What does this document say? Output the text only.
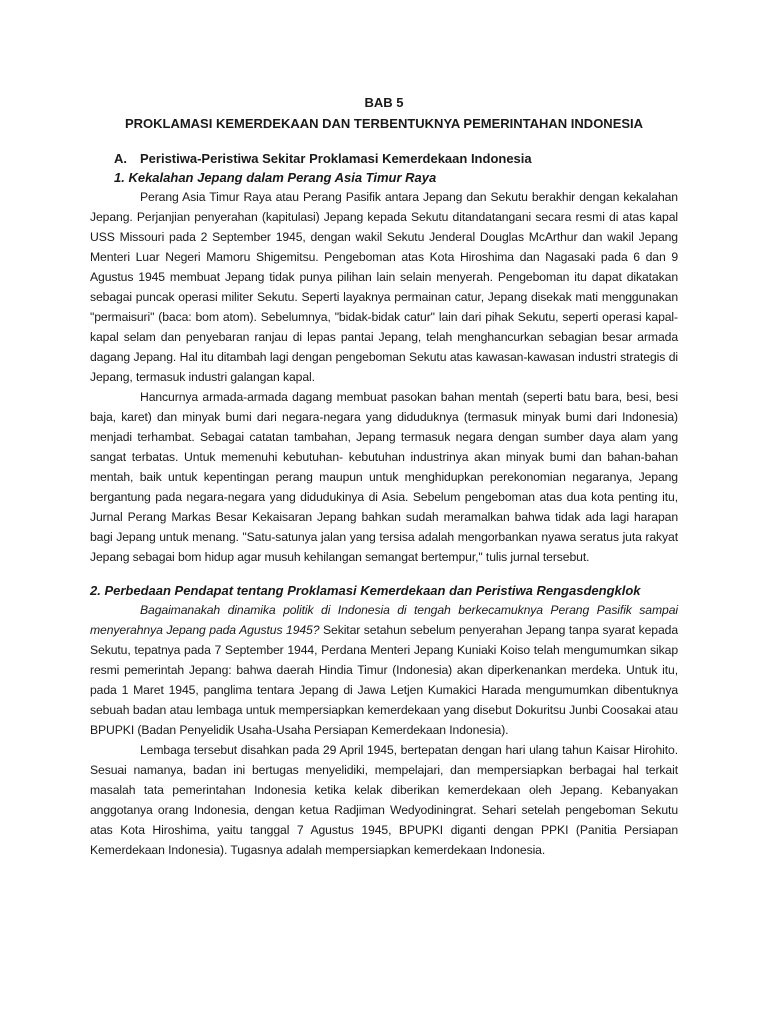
BAB 5
PROKLAMASI KEMERDEKAAN DAN TERBENTUKNYA PEMERINTAHAN INDONESIA
A. Peristiwa-Peristiwa Sekitar Proklamasi Kemerdekaan Indonesia
1. Kekalahan Jepang dalam Perang Asia Timur Raya

Perang Asia Timur Raya atau Perang Pasifik antara Jepang dan Sekutu berakhir dengan kekalahan Jepang. Perjanjian penyerahan (kapitulasi) Jepang kepada Sekutu ditandatangani secara resmi di atas kapal USS Missouri pada 2 September 1945, dengan wakil Sekutu Jenderal Douglas McArthur dan wakil Jepang Menteri Luar Negeri Mamoru Shigemitsu. Pengeboman atas Kota Hiroshima dan Nagasaki pada 6 dan 9 Agustus 1945 membuat Jepang tidak punya pilihan lain selain menyerah. Pengeboman itu dapat dikatakan sebagai puncak operasi militer Sekutu. Seperti layaknya permainan catur, Jepang disekak mati menggunakan "permaisuri" (baca: bom atom). Sebelumnya, "bidak-bidak catur" lain dari pihak Sekutu, seperti operasi kapal-kapal selam dan penyebaran ranjau di lepas pantai Jepang, telah menghancurkan sebagian besar armada dagang Jepang. Hal itu ditambah lagi dengan pengeboman Sekutu atas kawasan-kawasan industri strategis di Jepang, termasuk industri galangan kapal.

Hancurnya armada-armada dagang membuat pasokan bahan mentah (seperti batu bara, besi, besi baja, karet) dan minyak bumi dari negara-negara yang diduduknya (termasuk minyak bumi dari Indonesia) menjadi terhambat. Sebagai catatan tambahan, Jepang termasuk negara dengan sumber daya alam yang sangat terbatas. Untuk memenuhi kebutuhan- kebutuhan industrinya akan minyak bumi dan bahan-bahan mentah, baik untuk kepentingan perang maupun untuk menghidupkan perekonomian negaranya, Jepang bergantung pada negara-negara yang didudukinya di Asia. Sebelum pengeboman atas dua kota penting itu, Jurnal Perang Markas Besar Kekaisaran Jepang bahkan sudah meramalkan bahwa tidak ada lagi harapan bagi Jepang untuk menang. "Satu-satunya jalan yang tersisa adalah mengorbankan nyawa seratus juta rakyat Jepang sebagai bom hidup agar musuh kehilangan semangat bertempur," tulis jurnal tersebut.

2. Perbedaan Pendapat tentang Proklamasi Kemerdekaan dan Peristiwa Rengasdengklok

Bagaimanakah dinamika politik di Indonesia di tengah berkecamuknya Perang Pasifik sampai menyerahnya Jepang pada Agustus 1945? Sekitar setahun sebelum penyerahan Jepang tanpa syarat kepada Sekutu, tepatnya pada 7 September 1944, Perdana Menteri Jepang Kuniaki Koiso telah mengumumkan sikap resmi pemerintah Jepang: bahwa daerah Hindia Timur (Indonesia) akan diperkenankan merdeka. Untuk itu, pada 1 Maret 1945, panglima tentara Jepang di Jawa Letjen Kumakici Harada mengumumkan dibentuknya sebuah badan atau lembaga untuk mempersiapkan kemerdekaan yang disebut Dokuritsu Junbi Coosakai atau BPUPKI (Badan Penyelidik Usaha-Usaha Persiapan Kemerdekaan Indonesia).

Lembaga tersebut disahkan pada 29 April 1945, bertepatan dengan hari ulang tahun Kaisar Hirohito. Sesuai namanya, badan ini bertugas menyelidiki, mempelajari, dan mempersiapkan berbagai hal terkait masalah tata pemerintahan Indonesia ketika kelak diberikan kemerdekaan oleh Jepang. Kebanyakan anggotanya orang Indonesia, dengan ketua Radjiman Wedyodiningrat. Sehari setelah pengeboman Sekutu atas Kota Hiroshima, yaitu tanggal 7 Agustus 1945, BPUPKI diganti dengan PPKI (Panitia Persiapan Kemerdekaan Indonesia). Tugasnya adalah mempersiapkan kemerdekaan Indonesia.
